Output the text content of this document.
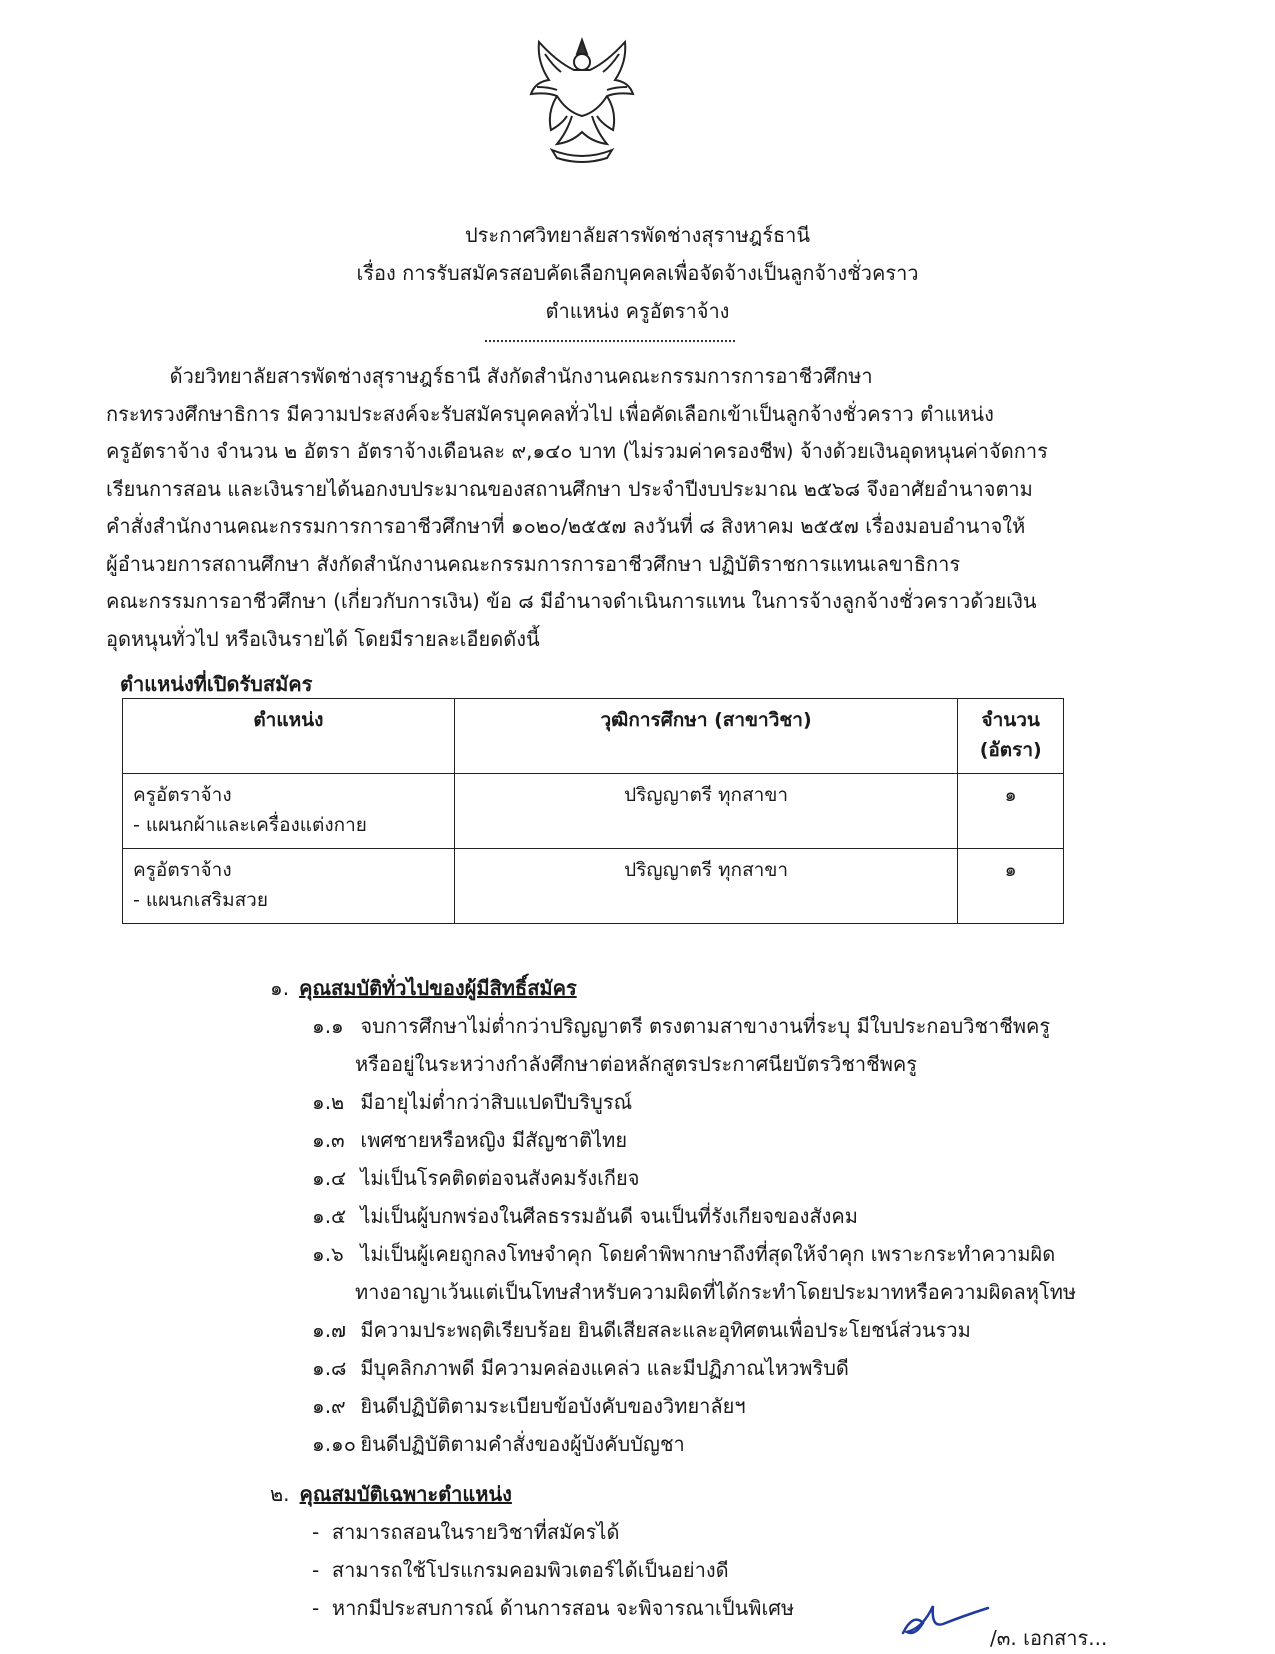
ประกาศวิทยาลัยสารพัดช่างสุราษฎร์ธานี
เรื่อง การรับสมัครสอบคัดเลือกบุคคลเพื่อจัดจ้างเป็นลูกจ้างชั่วคราว
ตำแหน่ง ครูอัตราจ้าง
ด้วยวิทยาลัยสารพัดช่างสุราษฎร์ธานี สังกัดสำนักงานคณะกรรมการการอาชีวศึกษา
กระทรวงศึกษาธิการ มีความประสงค์จะรับสมัครบุคคลทั่วไป เพื่อคัดเลือกเข้าเป็นลูกจ้างชั่วคราว ตำแหน่ง
ครูอัตราจ้าง จำนวน ๒ อัตรา อัตราจ้างเดือนละ ๙,๑๔๐ บาท (ไม่รวมค่าครองชีพ) จ้างด้วยเงินอุดหนุนค่าจัดการ
เรียนการสอน และเงินรายได้นอกงบประมาณของสถานศึกษา ประจำปีงบประมาณ ๒๕๖๘ จึงอาศัยอำนาจตาม
คำสั่งสำนักงานคณะกรรมการการอาชีวศึกษาที่ ๑๐๒๐/๒๕๕๗ ลงวันที่ ๘ สิงหาคม ๒๕๕๗ เรื่องมอบอำนาจให้
ผู้อำนวยการสถานศึกษา สังกัดสำนักงานคณะกรรมการการอาชีวศึกษา ปฏิบัติราชการแทนเลขาธิการ
คณะกรรมการอาชีวศึกษา (เกี่ยวกับการเงิน) ข้อ ๘ มีอำนาจดำเนินการแทน ในการจ้างลูกจ้างชั่วคราวด้วยเงิน
อุดหนุนทั่วไป หรือเงินรายได้ โดยมีรายละเอียดดังนี้
ตำแหน่งที่เปิดรับสมัคร
ตำแหน่ง	วุฒิการศึกษา (สาขาวิชา)	จำนวน (อัตรา)

ครูอัตราจ้าง
- แผนกผ้าและเครื่องแต่งกาย	ปริญญาตรี ทุกสาขา	๑

ครูอัตราจ้าง
- แผนกเสริมสวย	ปริญญาตรี ทุกสาขา	๑
๑. คุณสมบัติทั่วไปของผู้มีสิทธิ์สมัคร
๑.๑ จบการศึกษาไม่ต่ำกว่าปริญญาตรี ตรงตามสาขางานที่ระบุ มีใบประกอบวิชาชีพครู
หรืออยู่ในระหว่างกำลังศึกษาต่อหลักสูตรประกาศนียบัตรวิชาชีพครู
๑.๒ มีอายุไม่ต่ำกว่าสิบแปดปีบริบูรณ์
๑.๓ เพศชายหรือหญิง มีสัญชาติไทย
๑.๔ ไม่เป็นโรคติดต่อจนสังคมรังเกียจ
๑.๕ ไม่เป็นผู้บกพร่องในศีลธรรมอันดี จนเป็นที่รังเกียจของสังคม
๑.๖ ไม่เป็นผู้เคยถูกลงโทษจำคุก โดยคำพิพากษาถึงที่สุดให้จำคุก เพราะกระทำความผิด
ทางอาญาเว้นแต่เป็นโทษสำหรับความผิดที่ได้กระทำโดยประมาทหรือความผิดลหุโทษ
๑.๗ มีความประพฤติเรียบร้อย ยินดีเสียสละและอุทิศตนเพื่อประโยชน์ส่วนรวม
๑.๘ มีบุคลิกภาพดี มีความคล่องแคล่ว และมีปฏิภาณไหวพริบดี
๑.๙ ยินดีปฏิบัติตามระเบียบข้อบังคับของวิทยาลัยฯ
๑.๑๐ ยินดีปฏิบัติตามคำสั่งของผู้บังคับบัญชา
๒. คุณสมบัติเฉพาะตำแหน่ง
-  สามารถสอนในรายวิชาที่สมัครได้
-  สามารถใช้โปรแกรมคอมพิวเตอร์ได้เป็นอย่างดี
-  หากมีประสบการณ์ ด้านการสอน จะพิจารณาเป็นพิเศษ
/๓. เอกสาร...
